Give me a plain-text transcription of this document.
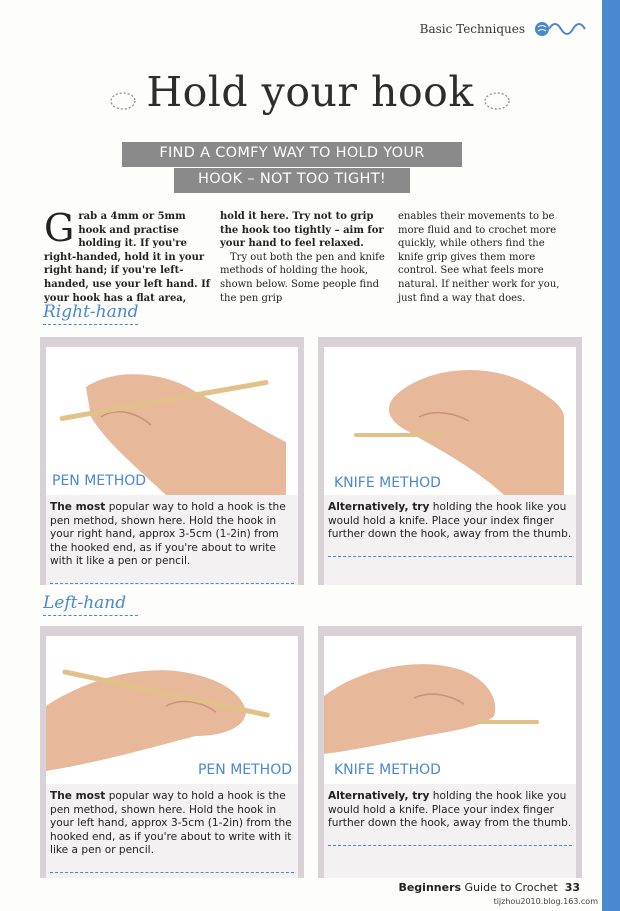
Basic Techniques
Hold your hook
FIND A COMFY WAY TO HOLD YOUR
HOOK – NOT TOO TIGHT!
Grab a 4mm or 5mm hook and practise holding it. If you're right-handed, hold it in your right hand; if you're left-handed, use your left hand. If your hook has a flat area,
hold it here. Try not to grip the hook too tightly – aim for your hand to feel relaxed.
Try out both the pen and knife methods of holding the hook, shown below. Some people find the pen grip
enables their movements to be more fluid and to crochet more quickly, while others find the knife grip gives them more control. See what feels more natural. If neither work for you, just find a way that does.
Right-hand
PEN METHOD
The most popular way to hold a hook is the pen method, shown here. Hold the hook in your right hand, approx 3-5cm (1-2in) from the hooked end, as if you're about to write with it like a pen or pencil.
KNIFE METHOD
Alternatively, try holding the hook like you would hold a knife. Place your index finger further down the hook, away from the thumb.
Left-hand
PEN METHOD
The most popular way to hold a hook is the pen method, shown here. Hold the hook in your left hand, approx 3-5cm (1-2in) from the hooked end, as if you're about to write with it like a pen or pencil.
KNIFE METHOD
Alternatively, try holding the hook like you would hold a knife. Place your index finger further down the hook, away from the thumb.
Beginners Guide to Crochet 33
tijzhou2010.blog.163.com
